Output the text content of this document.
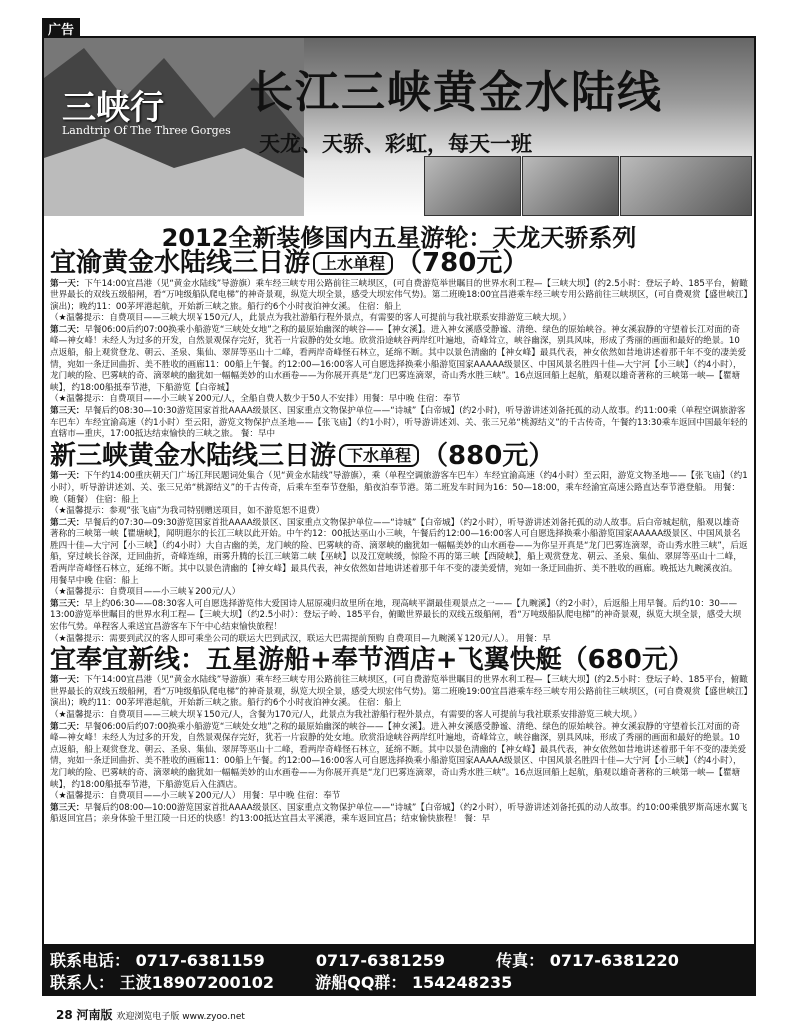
广告
三峡行
Landtrip Of The Three Gorges
长江三峡黄金水陆线
天龙、天骄、彩虹，每天一班
2012全新装修国内五星游轮：天龙天骄系列
宜渝黄金水陆线三日游 上水单程 （780元）

第一天：下午14:00宜昌港（见“黄金水陆线”导游旗）乘车经三峡专用公路前往三峡坝区，(可自费游览举世瞩目的世界水利工程—【三峡大坝】(约2.5小时：登坛子岭、185平台，俯瞰世界最长的双线五级船闸，看“万吨级船队爬电梯”的神奇景观，纵览大坝全景，感受大坝宏伟气势)。第二班晚18:00宜昌港乘车经三峡专用公路前往三峡坝区，(可自费观赏【盛世峡江】演出)；晚约11：00茅坪港起航，开始新三峡之旅。船行约6个小时夜泊神女溪。 住宿：船上

（★温馨提示：自费项目——三峡大坝￥150元/人，此景点为我社游船行程外景点，有需要的客人可提前与我社联系安排游览三峡大坝。）

第二天：早餐06:00后约07:00换乘小船游览“三峡处女地”之称的最原始幽深的峡谷——【神女溪】。进入神女溪感受静谧、清绝、绿色的原始峡谷。神女溪寂静的守望着长江对面的奇峰—神女峰！未经人为过多的开发，自然景观保存完好，犹若一片寂静的处女地。欣赏沿途峡谷两岸红叶遍地，奇峰耸立，峡谷幽深，别具风味，形成了秀丽的画面和最好的绝景。10点返船，船上观赏登龙、朝云、圣泉、集仙、翠屏等巫山十二峰，看两岸奇峰怪石林立，延绵不断。其中以景色清幽的【神女峰】最具代表，神女依然如昔地讲述着那千年不变的凄美爱情，宛如一条迂回曲折、美不胜收的画廊11：00船上午餐。约12:00—16:00客人可自愿选择换乘小船游览国家AAAAA级景区、中国风景名胜四十佳—大宁河【小三峡】（约4小时），龙门峡的险、巴雾峡的奇、滴翠峡的幽犹如一幅幅美妙的山水画卷——为你展开真是“龙门巴雾连滴翠，奇山秀水胜三峡”。16点返回船上起航，船观以雄奇著称的三峡第一峡—【瞿塘峡】，约18:00船抵奉节港，下船游览【白帝城】

（★温馨提示：自费项目——小三峡￥200元/人，全船自费人数少于50人不安排）用餐：早中晚 住宿：奉节

第三天：早餐后约08:30—10:30游览国家首批AAAA级景区、国家重点文物保护单位——“诗城”【白帝城】(约2小时)，听导游讲述刘备托孤的动人故事。约11:00乘（单程空调旅游客车巴车）车经宜渝高速（约1小时）至云阳，游览文物保护点圣地——【张飞庙】（约1小时），听导游讲述刘、关、张三兄弟“桃源结义”的千古传奇，午餐约13:30乘车返回中国最年轻的直辖市—重庆，17:00抵达结束愉快的三峡之旅。 餐：早中

新三峡黄金水陆线三日游 下水单程 （880元）

第一天：下午约14:00重庆朝天门广场江拜民题词处集合（见“黄金水陆线”导游旗），乘（单程空调旅游客车巴车）车经宜渝高速（约4小时）至云阳，游览文物圣地——【张飞庙】（约1小时），听导游讲述刘、关、张三兄弟“桃源结义”的千古传奇，后乘车至奉节登船，船夜泊奉节港。第二班发车时间为16：50—18:00，乘车经渝宜高速公路直达奉节港登船。 用餐：晚（随餐） 住宿：船上

（★温馨提示：参观“张飞庙”为我司特别赠送项目，如不游览恕不退费）

第二天：早餐后约07:30—09:30游览国家首批AAAA级景区、国家重点文物保护单位——“诗城”【白帝城】（约2小时），听导游讲述刘备托孤的动人故事。后白帝城起航，船观以雄奇著称的三峡第一峡【瞿塘峡】，闻明遐尔的长江三峡以此开始。中午约12：00抵达巫山小三峡，午餐后约12:00—16:00客人可自愿选择换乘小船游览国家AAAAA级景区、中国风景名胜四十佳—大宁河【小三峡】（约4小时）大自古幽的美，龙门峡的险、巴雾峡的奇、滴翠峡的幽犹如一幅幅美妙的山水画卷——为你呈开真是“龙门巴雾连滴翠，奇山秀水胜三峡”，后返船，穿过峡长谷深，迂回曲折，奇峰连绵，雨雾升腾的长江三峡第二峡【巫峡】以及江宽峡缓，惊险不再的第三峡【西陵峡】，船上观赏登龙、朝云、圣泉、集仙、翠屏等巫山十二峰，看两岸奇峰怪石林立，延绵不断。其中以景色清幽的【神女峰】最具代表，神女依然如昔地讲述着那千年不变的凄美爱情，宛如一条迂回曲折、美不胜收的画廊。晚抵达九畹溪夜泊。 用餐早中晚 住宿：船上

（★温馨提示：自费项目——小三峡￥200元/人）

第三天：早上约06:30——08:30客人可自愿选择游览伟大爱国诗人屈原魂归故里所在地，现高峡平湖最佳观景点之一——【九畹溪】（约2小时），后返船上用早餐。后约10：30——13:00游览举世瞩目的世界水利工程—【三峡大坝】（约2.5小时）：登坛子岭、185平台，俯瞰世界最长的双线五级船闸，看“万吨级船队爬电梯”的神奇景观，纵览大坝全景，感受大坝宏伟气势。单程客人乘送宜昌游客车下午中心结束愉快旅程！

（★温馨提示：需要到武汉的客人即可乘坐公司的联运大巴到武汉，联运大巴需提前预购 自费项目—九畹溪￥120元/人）。 用餐：早

宜奉宜新线：五星游船+奉节酒店+飞翼快艇（680元）

第一天：下午14:00宜昌港（见“黄金水陆线”导游旗）乘车经三峡专用公路前往三峡坝区，(可自费游览举世瞩目的世界水利工程—【三峡大坝】(约2.5小时：登坛子岭、185平台，俯瞰世界最长的双线五级船闸，看“万吨级船队爬电梯”的神奇景观，纵览大坝全景，感受大坝宏伟气势)。第二班晚19:00宜昌港乘车经三峡专用公路前往三峡坝区，(可自费观赏【盛世峡江】演出)；晚约11：00茅坪港起航，开始新三峡之旅。船行约6个小时夜泊神女溪。 住宿：船上

（★温馨提示：自费项目——三峡大坝￥150元/人，含餐为170元/人，此景点为我社游船行程外景点，有需要的客人可提前与我社联系安排游览三峡大坝。）

第二天：早餐06:00后约07:00换乘小船游览“三峡处女地”之称的最原始幽深的峡谷——【神女溪】。进入神女溪感受静谧、清绝、绿色的原始峡谷。神女溪寂静的守望着长江对面的奇峰—神女峰！未经人为过多的开发，自然景观保存完好，犹若一片寂静的处女地。欣赏沿途峡谷两岸红叶遍地，奇峰耸立，峡谷幽深，别具风味，形成了秀丽的画面和最好的绝景。10点返船，船上观赏登龙、朝云、圣泉、集仙、翠屏等巫山十二峰，看两岸奇峰怪石林立，延绵不断。其中以景色清幽的【神女峰】最具代表，神女依然如昔地讲述着那千年不变的凄美爱情，宛如一条迂回曲折、美不胜收的画廊11：00船上午餐。约12:00—16:00客人可自愿选择换乘小船游览国家AAAAA级景区、中国风景名胜四十佳—大宁河【小三峡】（约4小时），龙门峡的险、巴雾峡的奇、滴翠峡的幽犹如一幅幅美妙的山水画卷——为你展开真是“龙门巴雾连滴翠，奇山秀水胜三峡”。16点返回船上起航，船观以雄奇著称的三峡第一峡—【瞿塘峡】，约18:00船抵奉节港，下船游览后入住酒店。

（★温馨提示：自费项目——小三峡￥200元/人） 用餐：早中晚 住宿：奉节

第三天：早餐后约08:00—10:00游览国家首批AAAA级景区、国家重点文物保护单位——“诗城”【白帝城】（约2小时），听导游讲述刘备托孤的动人故事。约10:00乘俄罗斯高速水翼飞船返回宜昌；亲身体验千里江陵一日还的快感！约13:00抵达宜昌太平溪港，乘车返回宜昌；结束愉快旅程！ 餐：早

联系电话： 0717-6381159	0717-6381259	传真： 0717-6381220
联系人： 王波18907200102	游船QQ群： 154248235
28 河南版 欢迎浏览电子版 www.zyoo.net
